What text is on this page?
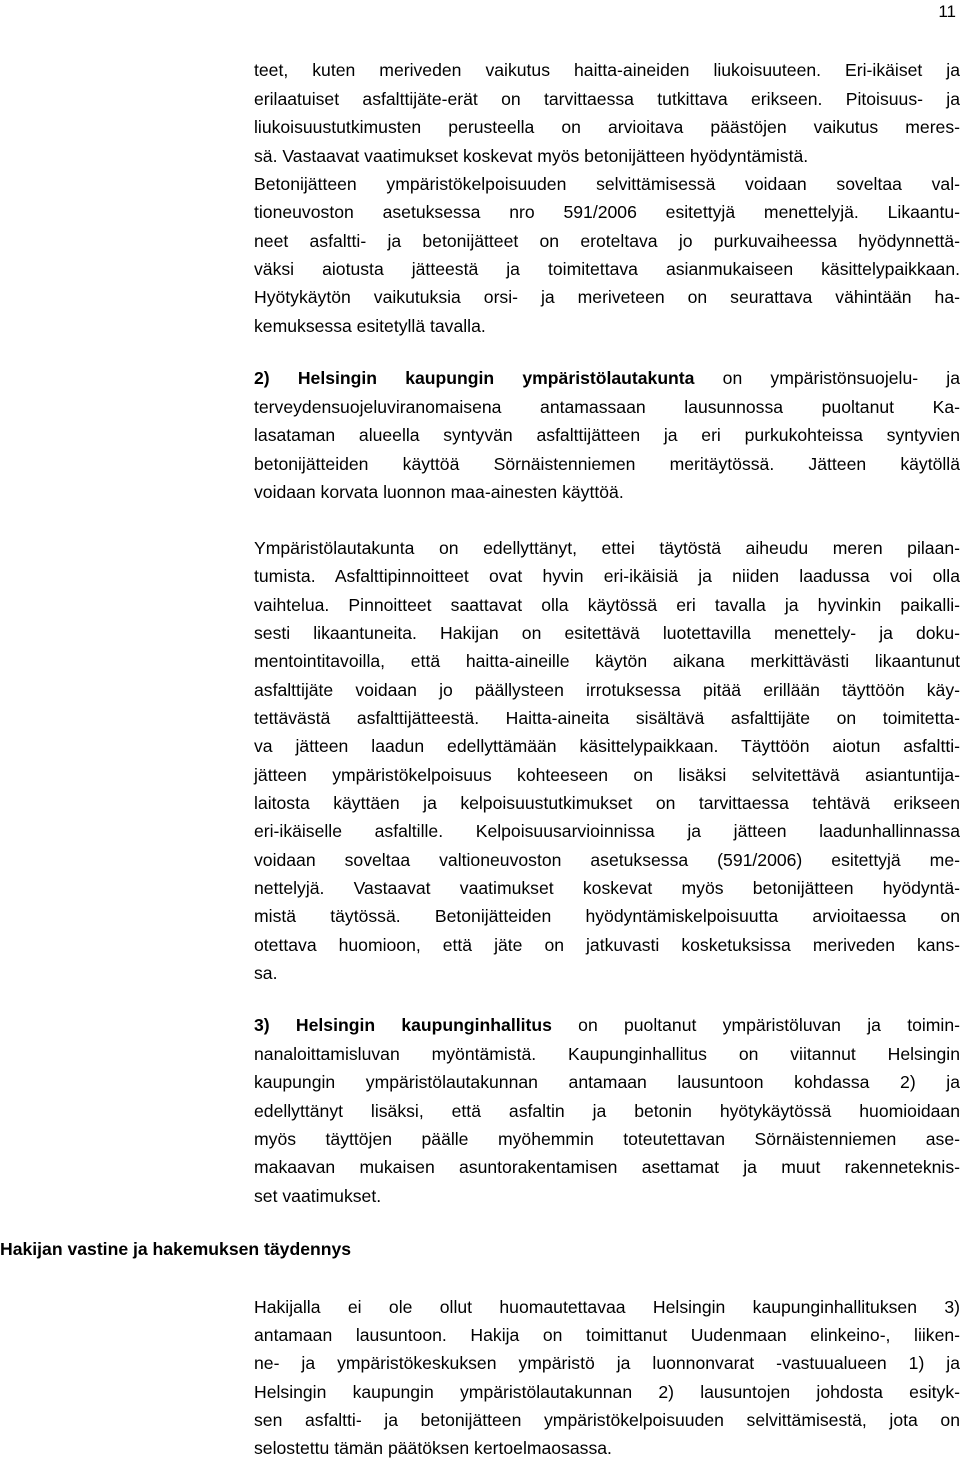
11
teet, kuten meriveden vaikutus haitta-aineiden liukoisuuteen. Eri-ikäiset ja
erilaatuiset asfalttijäte-erät on tarvittaessa tutkittava erikseen. Pitoisuus- ja
liukoisuustutkimusten perusteella on arvioitava päästöjen vaikutus meres-
sä. Vastaavat vaatimukset koskevat myös betonijätteen hyödyntämistä.
Betonijätteen ympäristökelpoisuuden selvittämisessä voidaan soveltaa val-
tioneuvoston asetuksessa nro 591/2006 esitettyjä menettelyjä. Likaantu-
neet asfaltti- ja betonijätteet on eroteltava jo purkuvaiheessa hyödynnettä-
väksi aiotusta jätteestä ja toimitettava asianmukaiseen käsittelypaikkaan.
Hyötykäytön vaikutuksia orsi- ja meriveteen on seurattava vähintään ha-
kemuksessa esitetyllä tavalla.
2) Helsingin kaupungin ympäristölautakunta on ympäristönsuojelu- ja
terveydensuojeluviranomaisena antamassaan lausunnossa puoltanut Ka-
lasataman alueella syntyvän asfalttijätteen ja eri purkukohteissa syntyvien
betonijätteiden käyttöä Sörnäistenniemen meritäytössä. Jätteen käytöllä
voidaan korvata luonnon maa-ainesten käyttöä.
Ympäristölautakunta on edellyttänyt, ettei täytöstä aiheudu meren pilaan-
tumista. Asfalttipinnoitteet ovat hyvin eri-ikäisiä ja niiden laadussa voi olla
vaihtelua. Pinnoitteet saattavat olla käytössä eri tavalla ja hyvinkin paikalli-
sesti likaantuneita. Hakijan on esitettävä luotettavilla menettely- ja doku-
mentointitavoilla, että haitta-aineille käytön aikana merkittävästi likaantunut
asfalttijäte voidaan jo päällysteen irrotuksessa pitää erillään täyttöön käy-
tettävästä asfalttijätteestä. Haitta-aineita sisältävä asfalttijäte on toimitetta-
va jätteen laadun edellyttämään käsittelypaikkaan. Täyttöön aiotun asfaltti-
jätteen ympäristökelpoisuus kohteeseen on lisäksi selvitettävä asiantuntija-
laitosta käyttäen ja kelpoisuustutkimukset on tarvittaessa tehtävä erikseen
eri-ikäiselle asfaltille. Kelpoisuusarvioinnissa ja jätteen laadunhallinnassa
voidaan soveltaa valtioneuvoston asetuksessa (591/2006) esitettyjä me-
nettelyjä. Vastaavat vaatimukset koskevat myös betonijätteen hyödyntä-
mistä täytössä. Betonijätteiden hyödyntämiskelpoisuutta arvioitaessa on
otettava huomioon, että jäte on jatkuvasti kosketuksissa meriveden kans-
sa.
3) Helsingin kaupunginhallitus on puoltanut ympäristöluvan ja toimin-
nanaloittamisluvan myöntämistä. Kaupunginhallitus on viitannut Helsingin
kaupungin ympäristölautakunnan antamaan lausuntoon kohdassa 2) ja
edellyttänyt lisäksi, että asfaltin ja betonin hyötykäytössä huomioidaan
myös täyttöjen päälle myöhemmin toteutettavan Sörnäistenniemen ase-
makaavan mukaisen asuntorakentamisen asettamat ja muut rakenneteknis-
set vaatimukset.
Hakijan vastine ja hakemuksen täydennys
Hakijalla ei ole ollut huomautettavaa Helsingin kaupunginhallituksen 3)
antamaan lausuntoon. Hakija on toimittanut Uudenmaan elinkeino-, liiken-
ne- ja ympäristökeskuksen ympäristö ja luonnonvarat -vastuualueen 1) ja
Helsingin kaupungin ympäristölautakunnan 2) lausuntojen johdosta esityk-
sen asfaltti- ja betonijätteen ympäristökelpoisuuden selvittämisestä, jota on
selostettu tämän päätöksen kertoelmaosassa.
